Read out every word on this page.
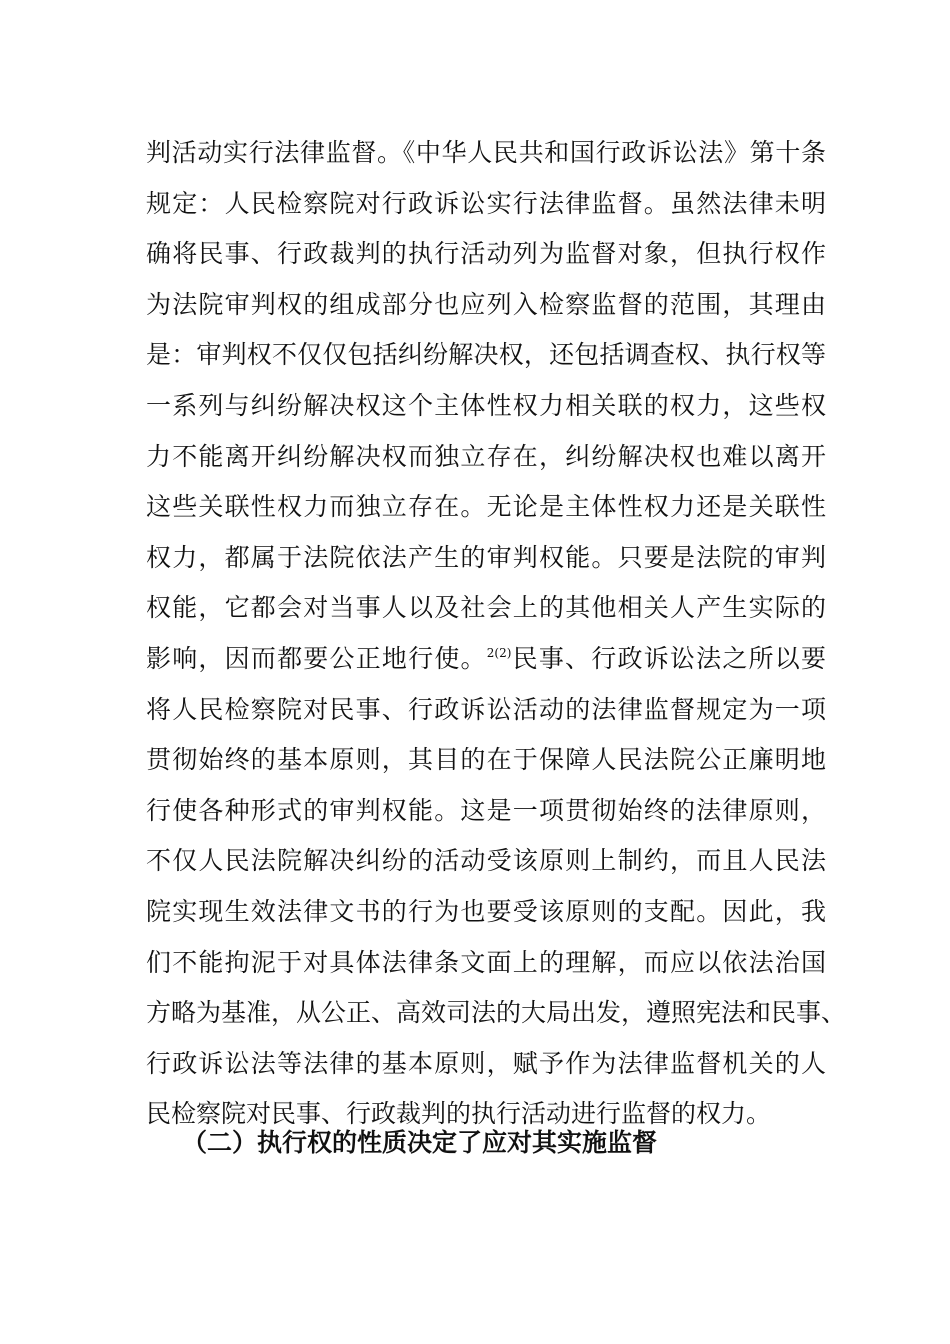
判活动实行法律监督。《中华人民共和国行政诉讼法》第十条
规定：人民检察院对行政诉讼实行法律监督。虽然法律未明
确将民事、行政裁判的执行活动列为监督对象，但执行权作
为法院审判权的组成部分也应列入检察监督的范围，其理由
是：审判权不仅仅包括纠纷解决权，还包括调查权、执行权等
一系列与纠纷解决权这个主体性权力相关联的权力，这些权
力不能离开纠纷解决权而独立存在，纠纷解决权也难以离开
这些关联性权力而独立存在。无论是主体性权力还是关联性
权力，都属于法院依法产生的审判权能。只要是法院的审判
权能，它都会对当事人以及社会上的其他相关人产生实际的
影响，因而都要公正地行使。$^{2(2)}$民事、行政诉讼法之所以要
将人民检察院对民事、行政诉讼活动的法律监督规定为一项
贯彻始终的基本原则，其目的在于保障人民法院公正廉明地
行使各种形式的审判权能。这是一项贯彻始终的法律原则，
不仅人民法院解决纠纷的活动受该原则上制约，而且人民法
院实现生效法律文书的行为也要受该原则的支配。因此，我
们不能拘泥于对具体法律条文面上的理解，而应以依法治国
方略为基准，从公正、高效司法的大局出发，遵照宪法和民事、
行政诉讼法等法律的基本原则，赋予作为法律监督机关的人
民检察院对民事、行政裁判的执行活动进行监督的权力。
（二）执行权的性质决定了应对其实施监督
